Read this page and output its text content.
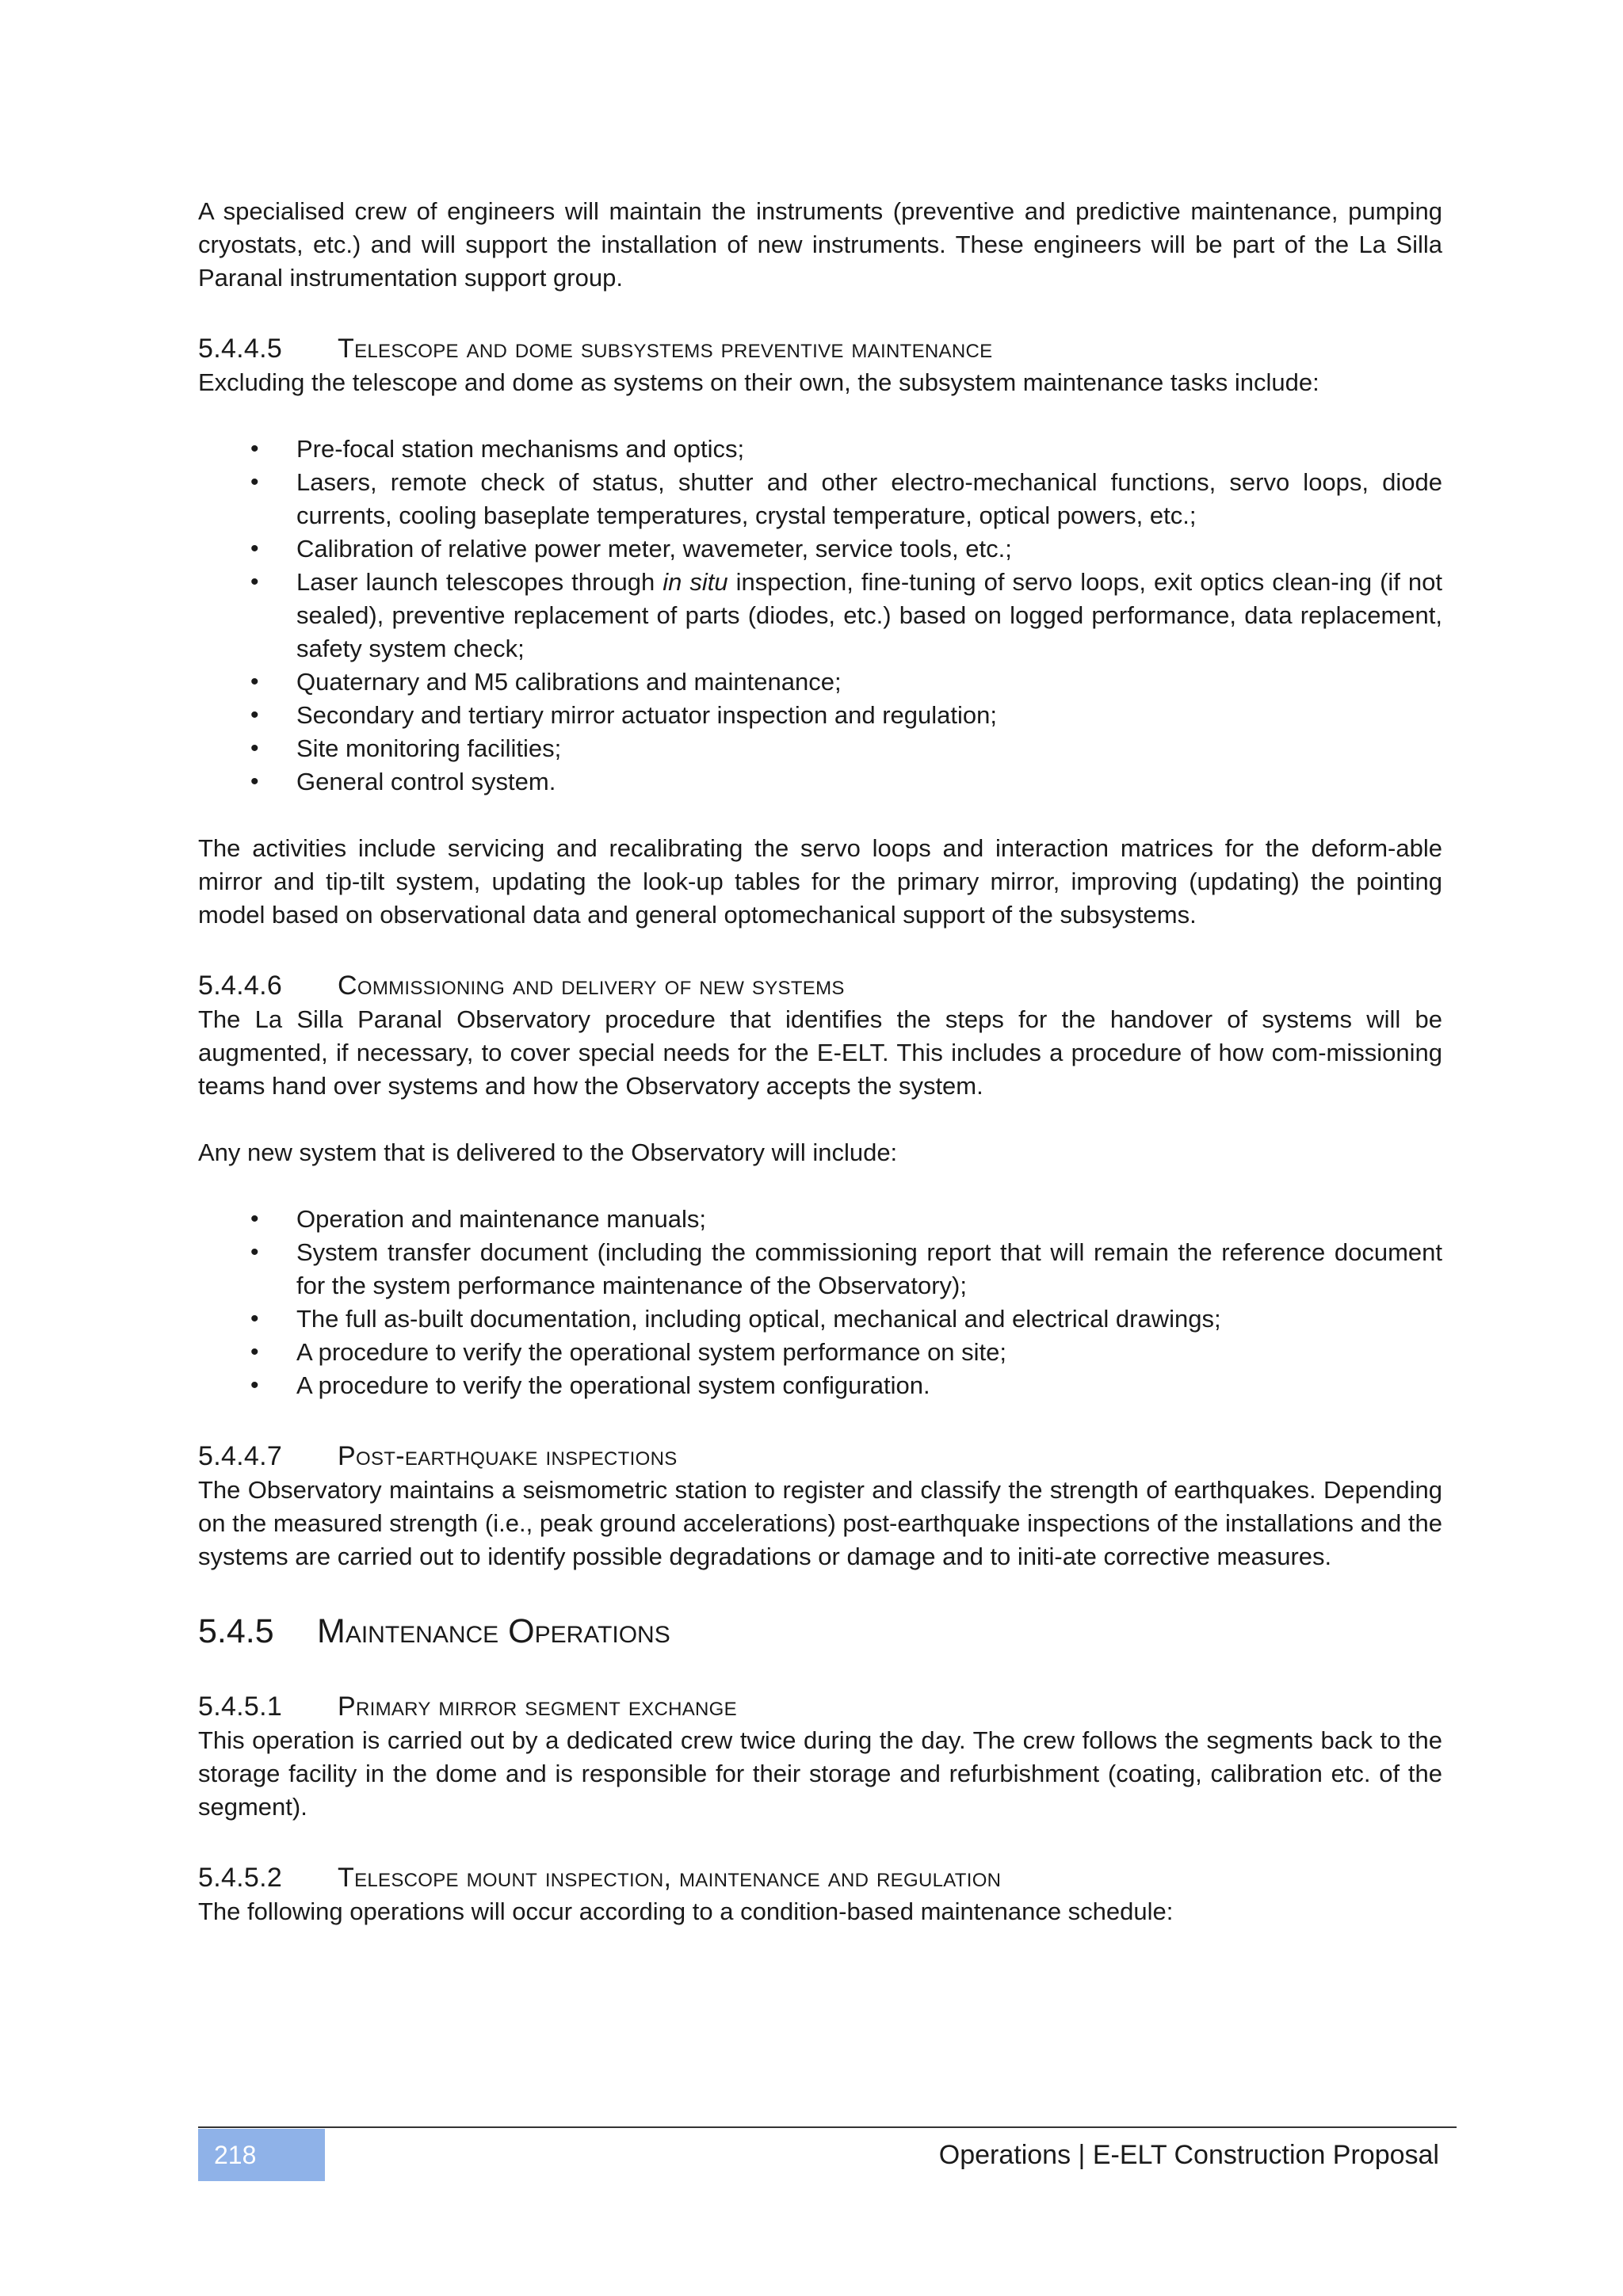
A specialised crew of engineers will maintain the instruments (preventive and predictive maintenance, pumping cryostats, etc.) and will support the installation of new instruments. These engineers will be part of the La Silla Paranal instrumentation support group.

5.4.4.5 Telescope and dome subsystems preventive maintenance

Excluding the telescope and dome as systems on their own, the subsystem maintenance tasks include:

• Pre-focal station mechanisms and optics;
• Lasers, remote check of status, shutter and other electro-mechanical functions, servo loops, diode currents, cooling baseplate temperatures, crystal temperature, optical powers, etc.;
• Calibration of relative power meter, wavemeter, service tools, etc.;
• Laser launch telescopes through in situ inspection, fine-tuning of servo loops, exit optics clean-ing (if not sealed), preventive replacement of parts (diodes, etc.) based on logged performance, data replacement, safety system check;
• Quaternary and M5 calibrations and maintenance;
• Secondary and tertiary mirror actuator inspection and regulation;
• Site monitoring facilities;
• General control system.

The activities include servicing and recalibrating the servo loops and interaction matrices for the deform-able mirror and tip-tilt system, updating the look-up tables for the primary mirror, improving (updating) the pointing model based on observational data and general optomechanical support of the subsystems.

5.4.4.6 Commissioning and delivery of new systems

The La Silla Paranal Observatory procedure that identifies the steps for the handover of systems will be augmented, if necessary, to cover special needs for the E-ELT. This includes a procedure of how com-missioning teams hand over systems and how the Observatory accepts the system.

Any new system that is delivered to the Observatory will include:

• Operation and maintenance manuals;
• System transfer document (including the commissioning report that will remain the reference document for the system performance maintenance of the Observatory);
• The full as-built documentation, including optical, mechanical and electrical drawings;
• A procedure to verify the operational system performance on site;
• A procedure to verify the operational system configuration.
5.4.4.7 Post-earthquake inspections

The Observatory maintains a seismometric station to register and classify the strength of earthquakes. Depending on the measured strength (i.e., peak ground accelerations) post-earthquake inspections of the installations and the systems are carried out to identify possible degradations or damage and to initi-ate corrective measures.

5.4.5 Maintenance Operations
5.4.5.1 Primary mirror segment exchange

This operation is carried out by a dedicated crew twice during the day. The crew follows the segments back to the storage facility in the dome and is responsible for their storage and refurbishment (coating, calibration etc. of the segment).

5.4.5.2 Telescope mount inspection, maintenance and regulation

The following operations will occur according to a condition-based maintenance schedule:

218	Operations | E-ELT Construction Proposal
